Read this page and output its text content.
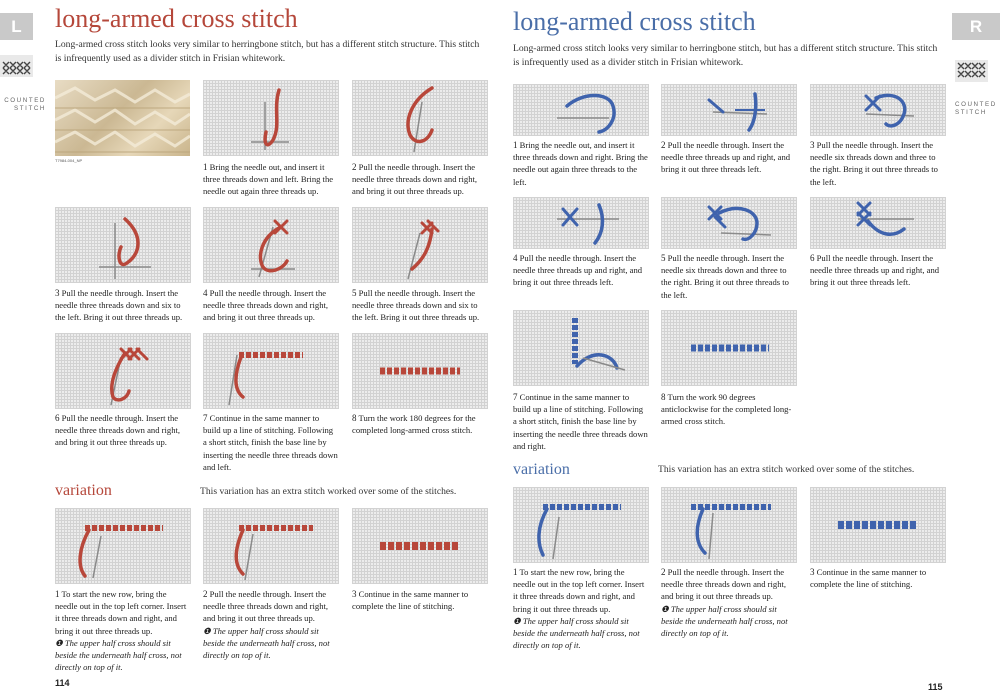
L	long-armed cross stitch
Long-armed cross stitch looks very similar to herringbone stitch, but has a different stitch structure. This stitch is infrequently used as a divider stitch in Frisian whitework.
COUNTED
STITCH
T7984-004_NP
1 Bring the needle out, and insert it three threads down and left. Bring the needle out again three threads up.
2 Pull the needle through. Insert the needle three threads down and right, and bring it out three threads up.
3 Pull the needle through. Insert the needle three threads down and six to the left. Bring it out three threads up.
4 Pull the needle through. Insert the needle three threads down and right, and bring it out three threads up.
5 Pull the needle through. Insert the needle three threads down and six to the left. Bring it out three threads up.
6 Pull the needle through. Insert the needle three threads down and right, and bring it out three threads up.
7 Continue in the same manner to build up a line of stitching. Following a short stitch, finish the base line by inserting the needle three threads down and left.
8 Turn the work 180 degrees for the completed long-armed cross stitch.
variation	This variation has an extra stitch worked over some of the stitches.
1 To start the new row, bring the needle out in the top left corner. Insert it three threads down and right, and bring it out three threads up.
❶ The upper half cross should sit beside the underneath half cross, not directly on top of it.
2 Pull the needle through. Insert the needle three threads down and right, and bring it out three threads up.
❶ The upper half cross should sit beside the underneath half cross, not directly on top of it.
3 Continue in the same manner to complete the line of stitching.
114
R
long-armed cross stitch
Long-armed cross stitch looks very similar to herringbone stitch, but has a different stitch structure. This stitch is infrequently used as a divider stitch in Frisian whitework.
COUNTED
STITCH
1 Bring the needle out, and insert it three threads down and right. Bring the needle out again three threads to the left.
2 Pull the needle through. Insert the needle three threads up and right, and bring it out three threads left.
3 Pull the needle through. Insert the needle six threads down and three to the right. Bring it out three threads to the left.
4 Pull the needle through. Insert the needle three threads up and right, and bring it out three threads left.
5 Pull the needle through. Insert the needle six threads down and three to the right. Bring it out three threads to the left.
6 Pull the needle through. Insert the needle three threads up and right, and bring it out three threads left.
7 Continue in the same manner to build up a line of stitching. Following a short stitch, finish the base line by inserting the needle three threads down and right.
8 Turn the work 90 degrees anticlockwise for the completed long-armed cross stitch.
variation	This variation has an extra stitch worked over some of the stitches.
1 To start the new row, bring the needle out in the top left corner. Insert it three threads down and right, and bring it out three threads up.
❶ The upper half cross should sit beside the underneath half cross, not directly on top of it.
2 Pull the needle through. Insert the needle three threads down and right, and bring it out three threads up.
❶ The upper half cross should sit beside the underneath half cross, not directly on top of it.
3 Continue in the same manner to complete the line of stitching.
115
